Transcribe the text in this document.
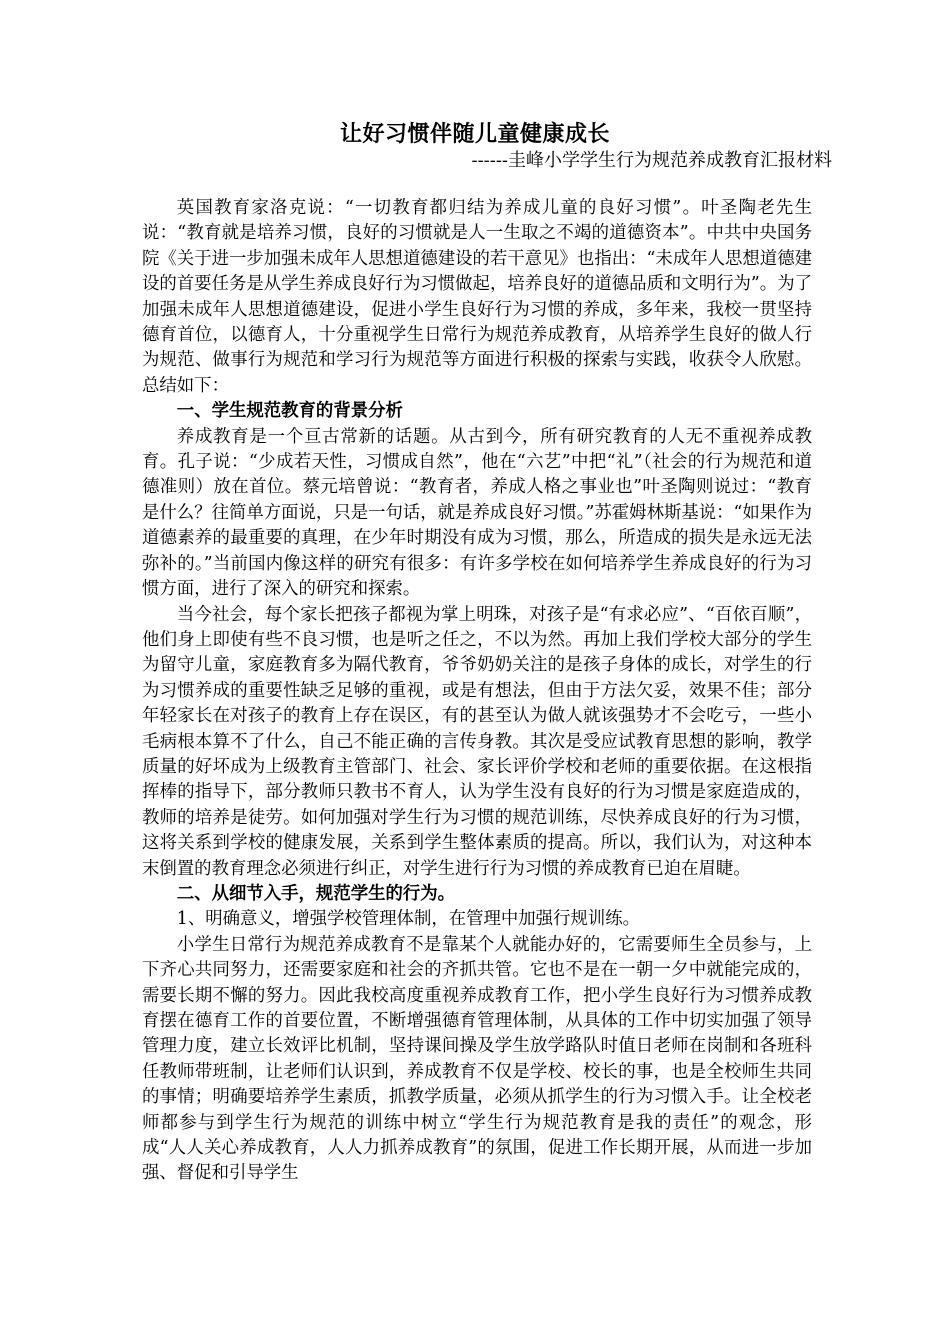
让好习惯伴随儿童健康成长
------圭峰小学学生行为规范养成教育汇报材料

英国教育家洛克说：“一切教育都归结为养成儿童的良好习惯”。叶圣陶老先生说：“教育就是培养习惯，良好的习惯就是人一生取之不竭的道德资本”。中共中央国务院《关于进一步加强未成年人思想道德建设的若干意见》也指出：“未成年人思想道德建设的首要任务是从学生养成良好行为习惯做起，培养良好的道德品质和文明行为”。为了加强未成年人思想道德建设，促进小学生良好行为习惯的养成，多年来，我校一贯坚持德育首位，以德育人，十分重视学生日常行为规范养成教育，从培养学生良好的做人行为规范、做事行为规范和学习行为规范等方面进行积极的探索与实践，收获令人欣慰。总结如下：

一、学生规范教育的背景分析

养成教育是一个亘古常新的话题。从古到今，所有研究教育的人无不重视养成教育。孔子说：“少成若天性，习惯成自然”，他在“六艺”中把“礼”（社会的行为规范和道德准则）放在首位。蔡元培曾说：“教育者，养成人格之事业也”叶圣陶则说过：“教育是什么？往简单方面说，只是一句话，就是养成良好习惯。”苏霍姆林斯基说：“如果作为道德素养的最重要的真理，在少年时期没有成为习惯，那么，所造成的损失是永远无法弥补的。”当前国内像这样的研究有很多：有许多学校在如何培养学生养成良好的行为习惯方面，进行了深入的研究和探索。

当今社会，每个家长把孩子都视为掌上明珠，对孩子是“有求必应”、“百依百顺”，他们身上即使有些不良习惯，也是听之任之，不以为然。再加上我们学校大部分的学生为留守儿童，家庭教育多为隔代教育，爷爷奶奶关注的是孩子身体的成长，对学生的行为习惯养成的重要性缺乏足够的重视，或是有想法，但由于方法欠妥，效果不佳；部分年轻家长在对孩子的教育上存在误区，有的甚至认为做人就该强势才不会吃亏，一些小毛病根本算不了什么，自己不能正确的言传身教。其次是受应试教育思想的影响，教学质量的好坏成为上级教育主管部门、社会、家长评价学校和老师的重要依据。在这根指挥棒的指导下，部分教师只教书不育人，认为学生没有良好的行为习惯是家庭造成的，教师的培养是徒劳。如何加强对学生行为习惯的规范训练，尽快养成良好的行为习惯，这将关系到学校的健康发展，关系到学生整体素质的提高。所以，我们认为，对这种本末倒置的教育理念必须进行纠正，对学生进行行为习惯的养成教育已迫在眉睫。

二、从细节入手，规范学生的行为。

1、明确意义，增强学校管理体制，在管理中加强行规训练。

小学生日常行为规范养成教育不是靠某个人就能办好的，它需要师生全员参与，上下齐心共同努力，还需要家庭和社会的齐抓共管。它也不是在一朝一夕中就能完成的，需要长期不懈的努力。因此我校高度重视养成教育工作，把小学生良好行为习惯养成教育摆在德育工作的首要位置，不断增强德育管理体制，从具体的工作中切实加强了领导管理力度，建立长效评比机制，坚持课间操及学生放学路队时值日老师在岗制和各班科任教师带班制，让老师们认识到，养成教育不仅是学校、校长的事，也是全校师生共同的事情；明确要培养学生素质，抓教学质量，必须从抓学生的行为习惯入手。让全校老师都参与到学生行为规范的训练中树立“学生行为规范教育是我的责任”的观念，形成“人人关心养成教育，人人力抓养成教育”的氛围，促进工作长期开展，从而进一步加强、督促和引导学生
